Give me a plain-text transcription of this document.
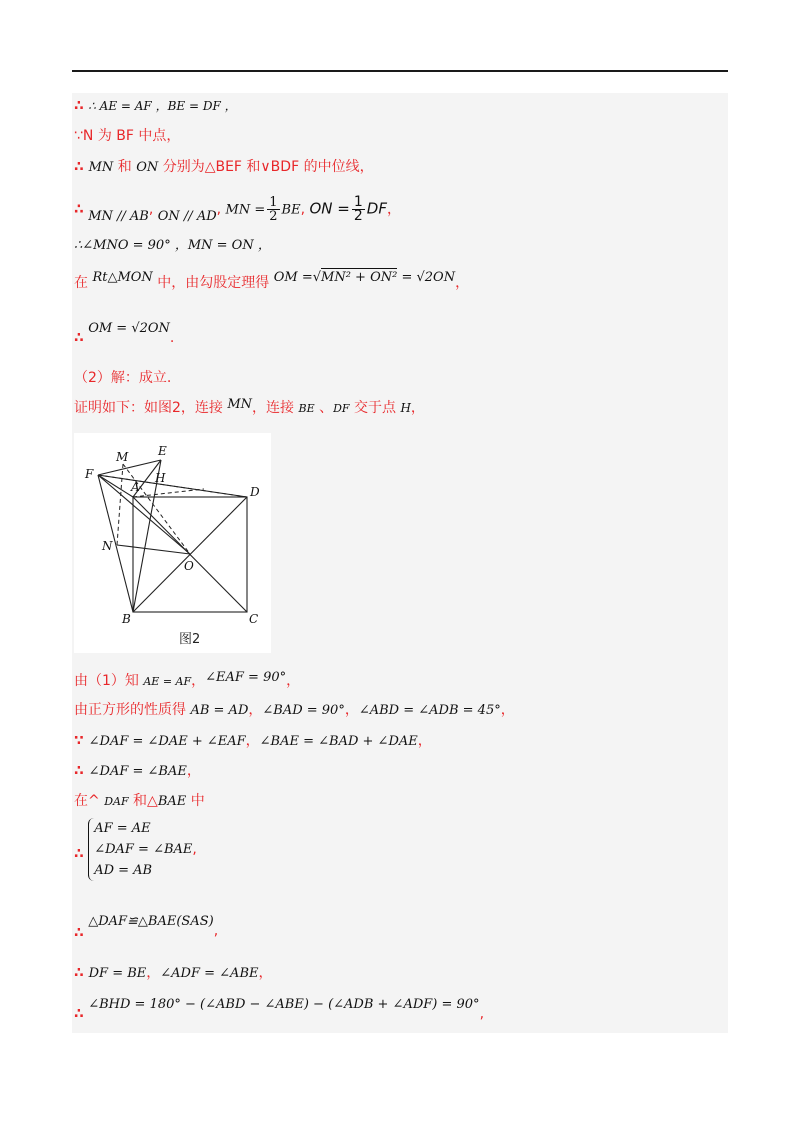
∴ ∴ AE = AF ，BE = DF ，
∵N 为 BF 中点，
∴ MN 和 ON 分别为△BEF 和∨BDF 的中位线，
∴ MN // AB, ON // AD, MN = $\frac{1}{2}$ BE, ON = $\frac{1}{2}$ DF，
∴∠MNO = 90° ，MN = ON ，
在 Rt△MON 中，由勾股定理得 OM =√MN² + ON² = √2ON，
∴ OM = √2ON.
（2）解：成立.
证明如下：如图2，连接 MN，连接 BE 、DF 交于点 H，
M E
F	H
A	D
N
O
B	C
图2
由（1）知 AE = AF，∠EAF = 90°，
由正方形的性质得 AB = AD，∠BAD = 90°，∠ABD = ∠ADB = 45°，
∵ ∠DAF = ∠DAE + ∠EAF，∠BAE = ∠BAD + ∠DAE，
∴ ∠DAF = ∠BAE，
在^ DAF 和△BAE 中
∴
AF = AE
∠DAF = ∠BAE
AD = AB
,
∴ △DAF≌△BAE(SAS),
∴ DF = BE，∠ADF = ∠ABE，
∴ ∠BHD = 180° − (∠ABD − ∠ABE) − (∠ADB + ∠ADF) = 90°,
